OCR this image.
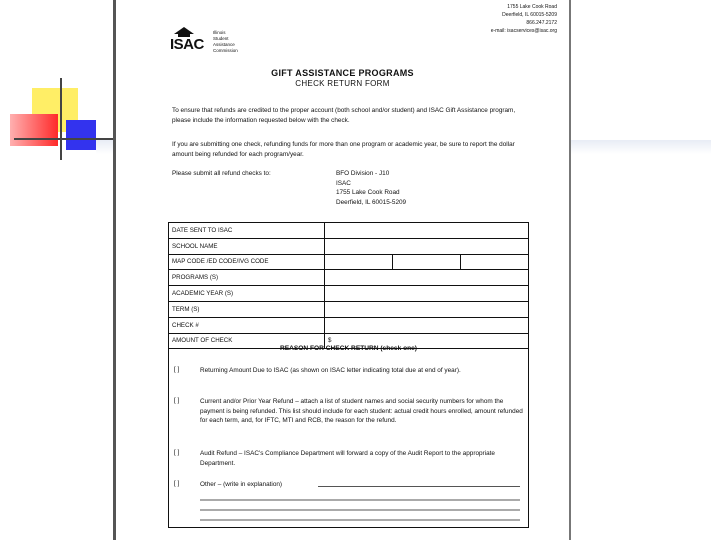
ISAC
Illinois
Student
Assistance
Commission
1755 Lake Cook Road
Deerfield, IL 60015-5209
866.247.2172
e-mail: isacservices@isac.org
GIFT ASSISTANCE PROGRAMS
CHECK RETURN FORM
To ensure that refunds are credited to the proper account (both school and/or student) and ISAC Gift Assistance program, please include the information requested below with the check.
If you are submitting one check, refunding funds for more than one program or academic year, be sure to report the dollar amount being refunded for each program/year.
Please submit all refund checks to:	BFO Division - J10
ISAC
1755 Lake Cook Road
Deerfield, IL 60015-5209
DATE SENT TO ISAC			
SCHOOL NAME			
MAP CODE /ED CODE/IVG CODE			
PROGRAMS (S)			
ACADEMIC YEAR (S)			
TERM (S)			
CHECK #			
AMOUNT OF CHECK	$		
REASON FOR CHECK RETURN (check one)
[ ]	Returning Amount Due to ISAC (as shown on ISAC letter indicating total due at end of year).
[ ]	Current and/or Prior Year Refund – attach a list of student names and social security numbers for whom the payment is being refunded. This list should include for each student: actual credit hours enrolled, amount refunded for each term, and, for IFTC, MTI and RCB, the reason for the refund.
[ ]	Audit Refund – ISAC's Compliance Department will forward a copy of the Audit Report to the appropriate Department.
[ ]	Other – (write in explanation)
